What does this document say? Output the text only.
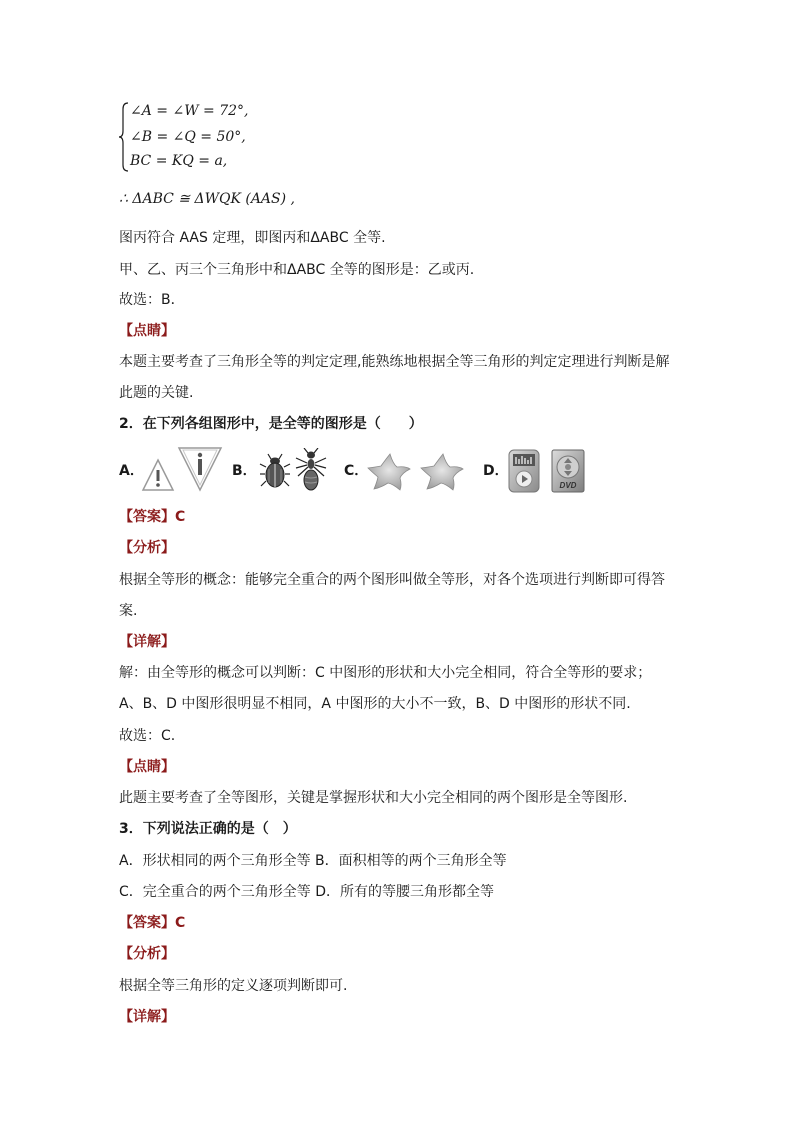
∠A = ∠W = 72°,
∠B = ∠Q = 50°,
BC = KQ = a,
∴ ΔABC ≅ ΔWQK (AAS) ,
图丙符合 AAS 定理，即图丙和ΔABC 全等.
甲、乙、丙三个三角形中和ΔABC 全等的图形是：乙或丙.
故选：B．
【点睛】
本题主要考查了三角形全等的判定定理,能熟练地根据全等三角形的判定定理进行判断是解
此题的关键.
2．在下列各组图形中，是全等的图形是（　　）
A．	B．	C．	D．
DVD
【答案】C
【分析】
根据全等形的概念：能够完全重合的两个图形叫做全等形，对各个选项进行判断即可得答
案.
【详解】
解：由全等形的概念可以判断：C 中图形的形状和大小完全相同，符合全等形的要求；
A、B、D 中图形很明显不相同，A 中图形的大小不一致，B、D 中图形的形状不同.
故选：C.
【点睛】
此题主要考查了全等图形，关键是掌握形状和大小完全相同的两个图形是全等图形.
3．下列说法正确的是（　）
A．形状相同的两个三角形全等 B．面积相等的两个三角形全等
C．完全重合的两个三角形全等 D．所有的等腰三角形都全等
【答案】C
【分析】
根据全等三角形的定义逐项判断即可.
【详解】
